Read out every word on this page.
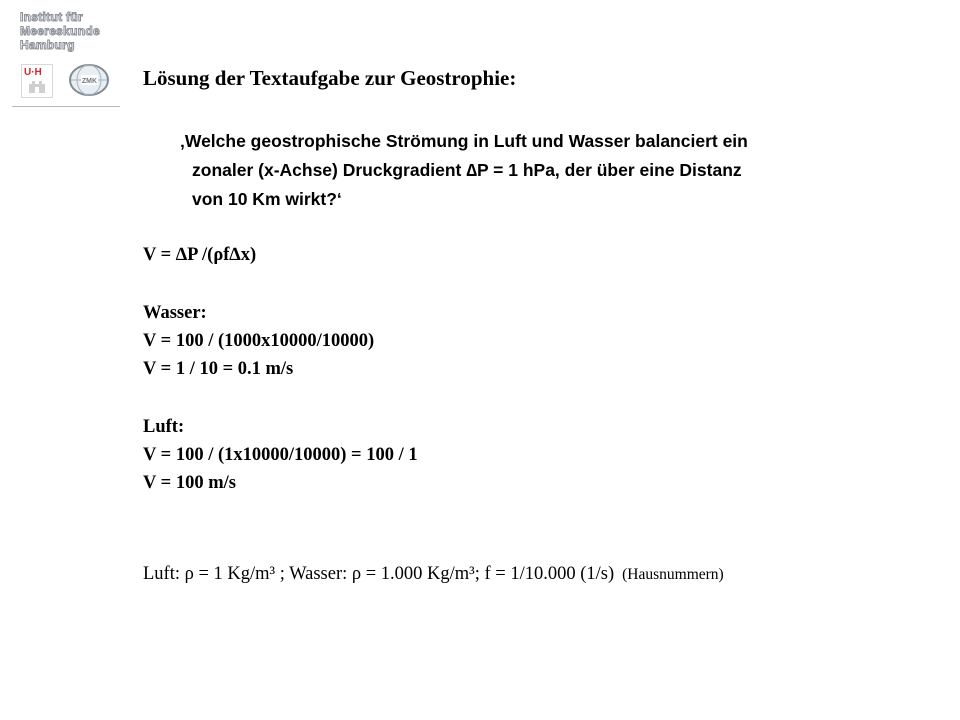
Institut für
Meereskunde
Hamburg
U·H
ZMK Lösung der Textaufgabe zur Geostrophie:
‚Welche geostrophische Strömung in Luft und Wasser balanciert ein
zonaler (x-Achse) Druckgradient ∆P = 1 hPa, der über eine Distanz
von 10 Km wirkt?‘
V = ∆P /(ρf∆x)
Wasser:
V = 100 / (1000x10000/10000)
V = 1 / 10 = 0.1 m/s
Luft:
V = 100 / (1x10000/10000) = 100 / 1
V = 100 m/s
Luft: ρ = 1 Kg/m³ ; Wasser: ρ = 1.000 Kg/m³; f = 1/10.000 (1/s) (Hausnummern)
